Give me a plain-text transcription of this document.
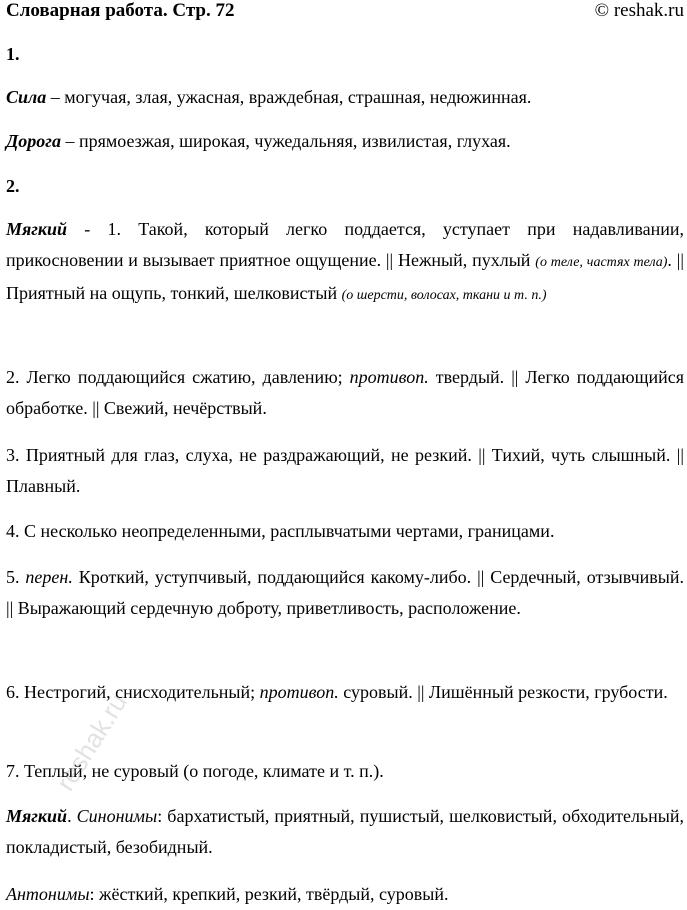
Словарная работа. Стр. 72	© reshak.ru
1.
Сила – могучая, злая, ужасная, враждебная, страшная, недюжинная.
Дорога – прямоезжая, широкая, чужедальняя, извилистая, глухая.
2.
Мягкий - 1. Такой, который легко поддается, уступает при надавливании, прикосновении и вызывает приятное ощущение. || Нежный, пухлый (о теле, частях тела). || Приятный на ощупь, тонкий, шелковистый (о шерсти, волосах, ткани и т. п.)
2. Легко поддающийся сжатию, давлению; противоп. твердый. || Легко поддающийся обработке. || Свежий, нечёрствый.
3. Приятный для глаз, слуха, не раздражающий, не резкий. || Тихий, чуть слышный. || Плавный.
4. С несколько неопределенными, расплывчатыми чертами, границами.
5. перен. Кроткий, уступчивый, поддающийся какому-либо. || Сердечный, отзывчивый. || Выражающий сердечную доброту, приветливость, расположение.
6. Нестрогий, снисходительный; противоп. суровый. || Лишённый резкости, грубости.
7. Теплый, не суровый (о погоде, климате и т. п.).
Мягкий. Синонимы: бархатистый, приятный, пушистый, шелковистый, обходительный, покладистый, безобидный.
Антонимы: жёсткий, крепкий, резкий, твёрдый, суровый.
reshak.ru
